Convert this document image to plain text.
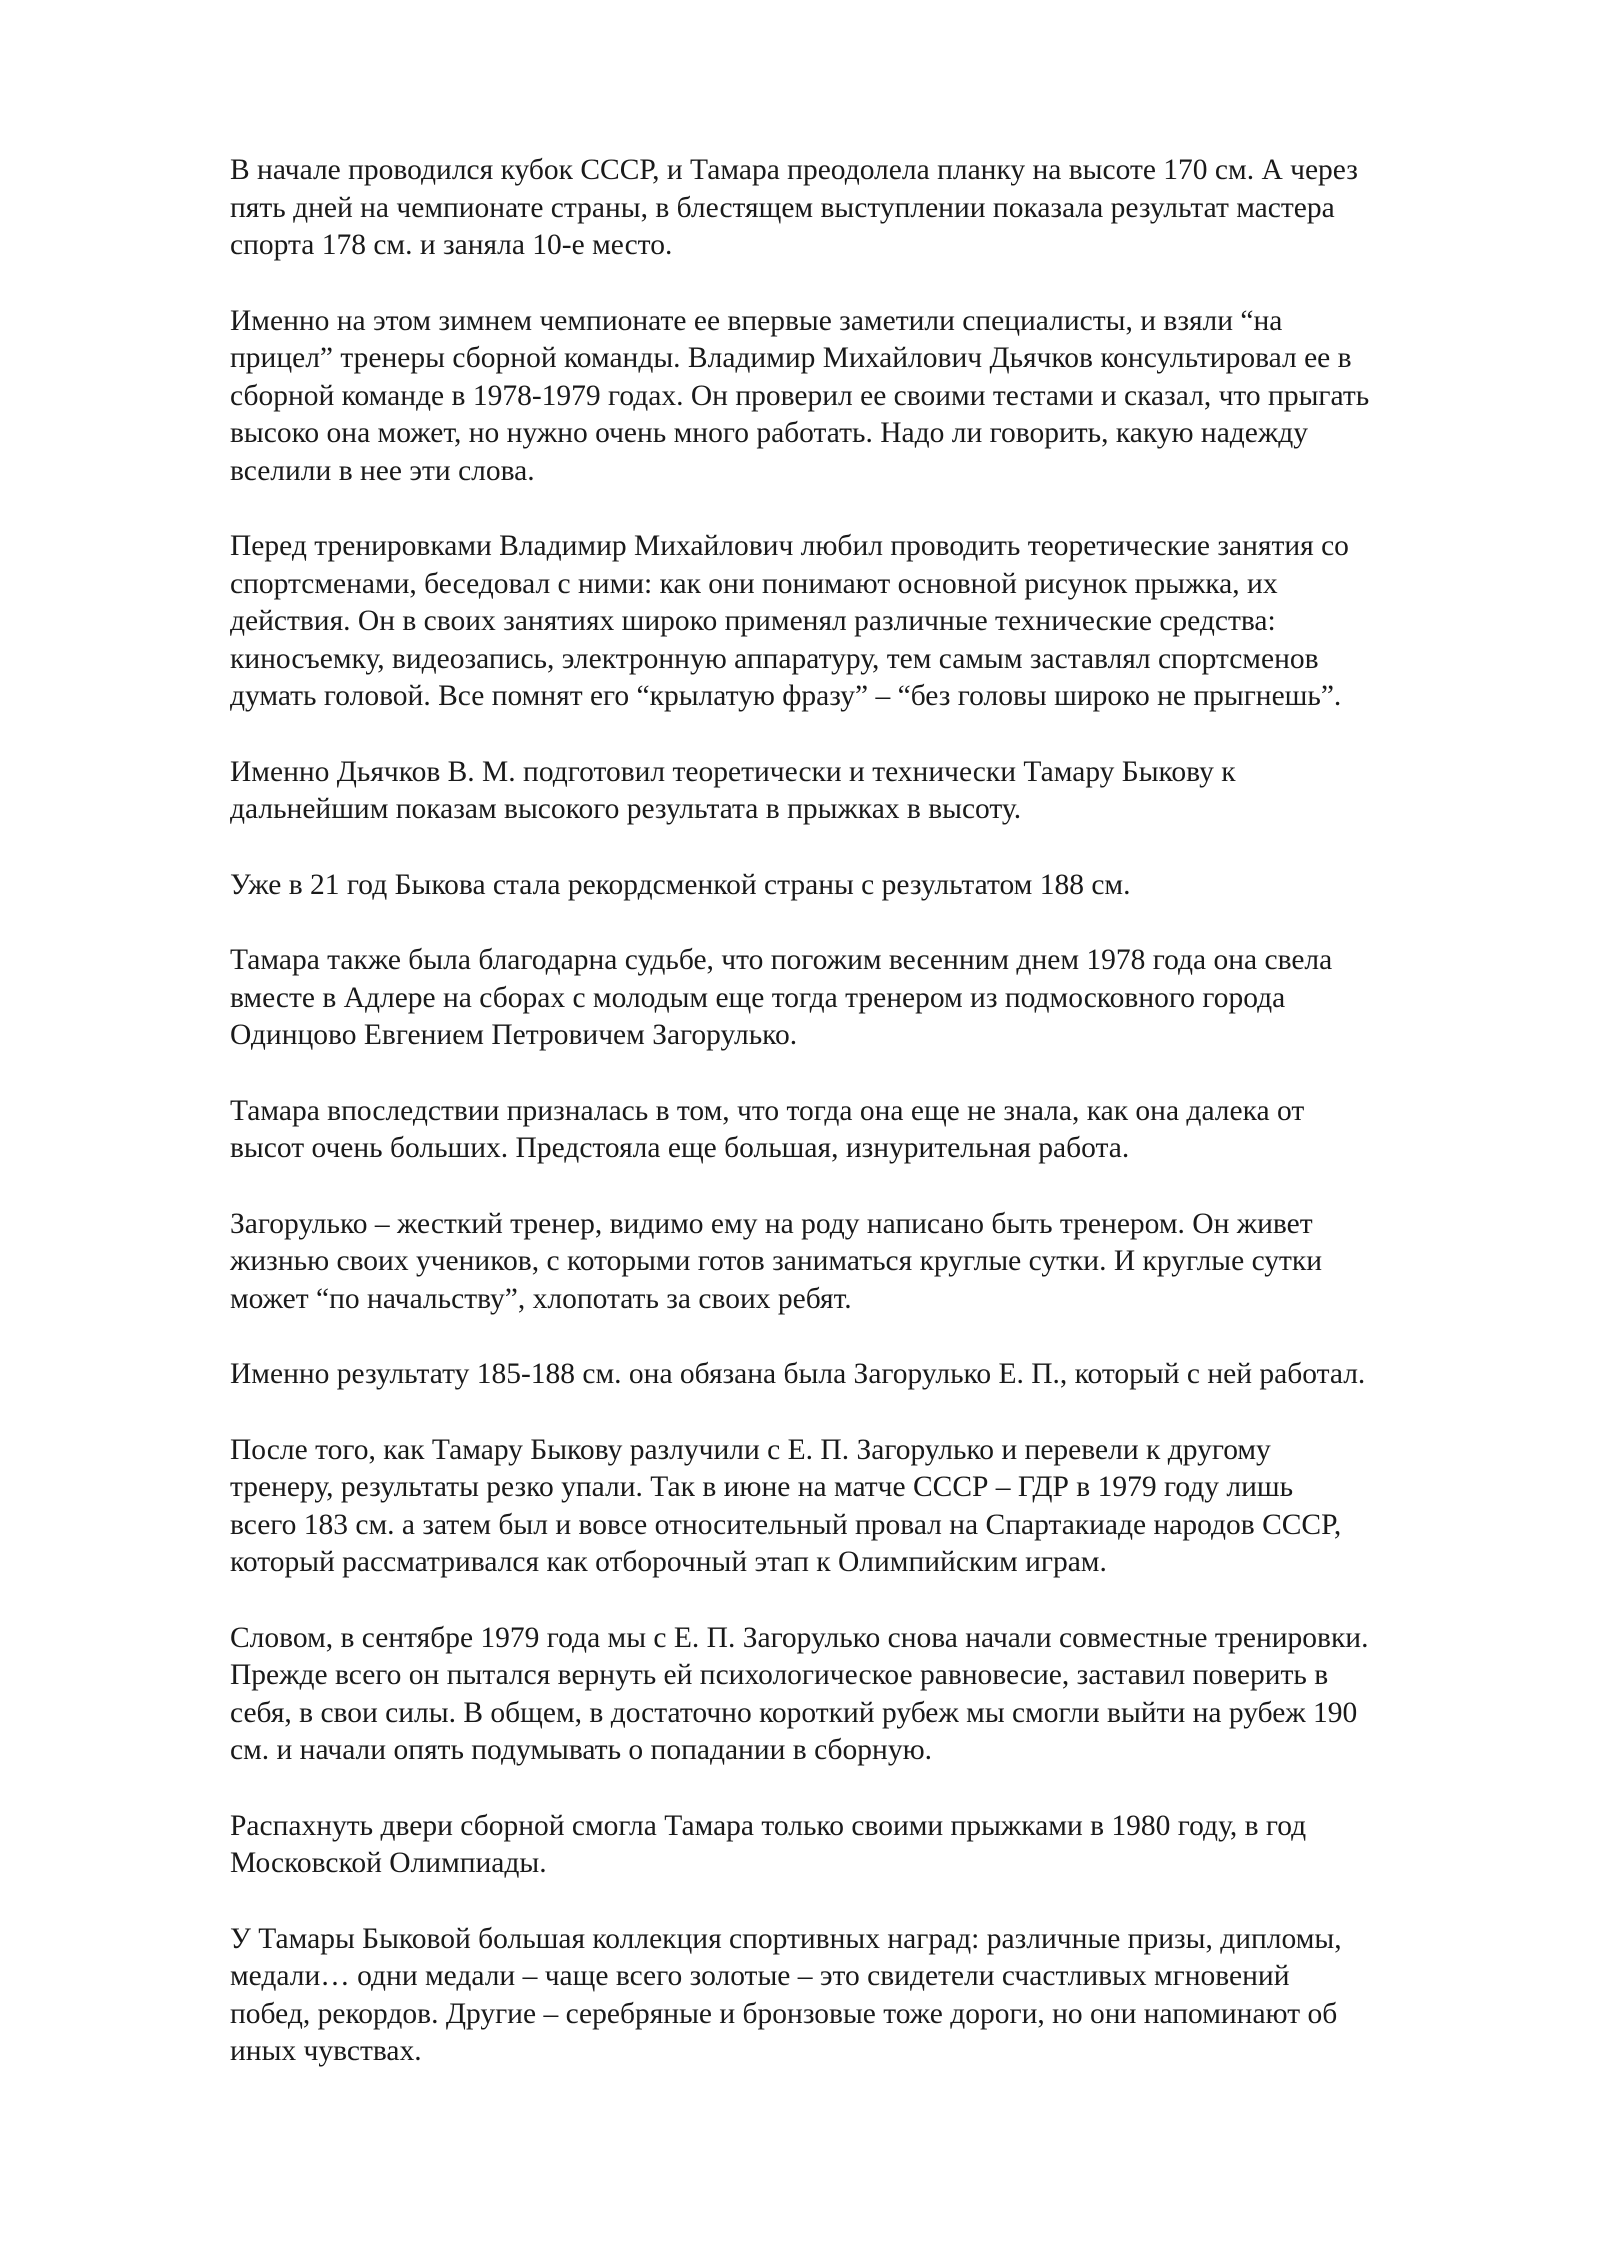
В начале проводился кубок СССР, и Тамара преодолела планку на высоте 170 см. А через
пять дней на чемпионате страны, в блестящем выступлении показала результат мастера
спорта 178 см. и заняла 10-е место.

Именно на этом зимнем чемпионате ее впервые заметили специалисты, и взяли “на
прицел” тренеры сборной команды. Владимир Михайлович Дьячков консультировал ее в
сборной команде в 1978-1979 годах. Он проверил ее своими тестами и сказал, что прыгать
высоко она может, но нужно очень много работать. Надо ли говорить, какую надежду
вселили в нее эти слова.

Перед тренировками Владимир Михайлович любил проводить теоретические занятия со
спортсменами, беседовал с ними: как они понимают основной рисунок прыжка, их
действия. Он в своих занятиях широко применял различные технические средства:
киносъемку, видеозапись, электронную аппаратуру, тем самым заставлял спортсменов
думать головой. Все помнят его “крылатую фразу” – “без головы широко не прыгнешь”.

Именно Дьячков В. М. подготовил теоретически и технически Тамару Быкову к
дальнейшим показам высокого результата в прыжках в высоту.

Уже в 21 год Быкова стала рекордсменкой страны с результатом 188 см.

Тамара также была благодарна судьбе, что погожим весенним днем 1978 года она свела
вместе в Адлере на сборах с молодым еще тогда тренером из подмосковного города
Одинцово Евгением Петровичем Загорулько.

Тамара впоследствии призналась в том, что тогда она еще не знала, как она далека от
высот очень больших. Предстояла еще большая, изнурительная работа.

Загорулько – жесткий тренер, видимо ему на роду написано быть тренером. Он живет
жизнью своих учеников, с которыми готов заниматься круглые сутки. И круглые сутки
может “по начальству”, хлопотать за своих ребят.

Именно результату 185-188 см. она обязана была Загорулько Е. П., который с ней работал.

После того, как Тамару Быкову разлучили с Е. П. Загорулько и перевели к другому
тренеру, результаты резко упали. Так в июне на матче СССР – ГДР в 1979 году лишь
всего 183 см. а затем был и вовсе относительный провал на Спартакиаде народов СССР,
который рассматривался как отборочный этап к Олимпийским играм.

Словом, в сентябре 1979 года мы с Е. П. Загорулько снова начали совместные тренировки.
Прежде всего он пытался вернуть ей психологическое равновесие, заставил поверить в
себя, в свои силы. В общем, в достаточно короткий рубеж мы смогли выйти на рубеж 190
см. и начали опять подумывать о попадании в сборную.

Распахнуть двери сборной смогла Тамара только своими прыжками в 1980 году, в год
Московской Олимпиады.

У Тамары Быковой большая коллекция спортивных наград: различные призы, дипломы,
медали… одни медали – чаще всего золотые – это свидетели счастливых мгновений
побед, рекордов. Другие – серебряные и бронзовые тоже дороги, но они напоминают об
иных чувствах.
